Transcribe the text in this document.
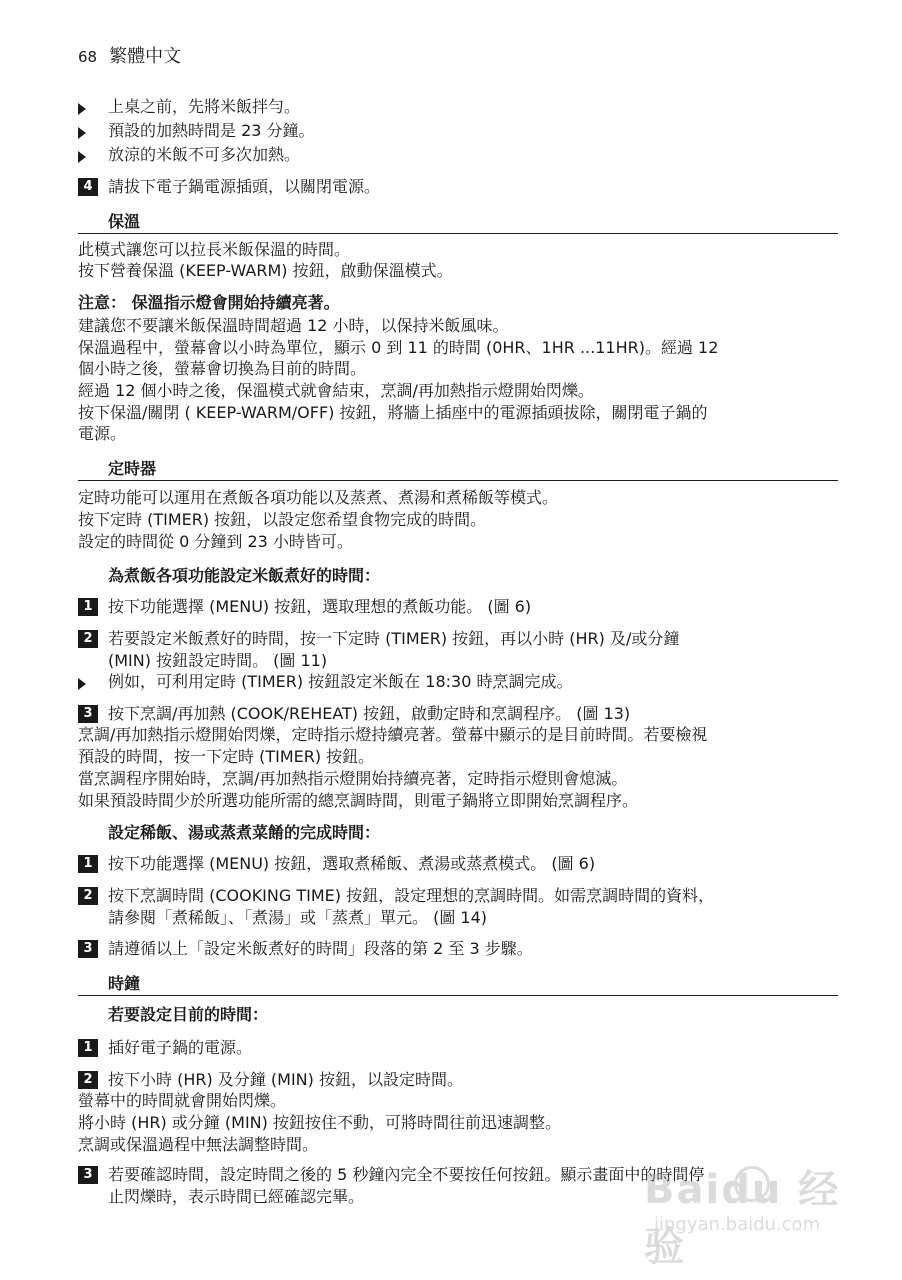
68 繁體中文
上桌之前，先將米飯拌勻。
預設的加熱時間是 23 分鐘。
放涼的米飯不可多次加熱。
4 請拔下電子鍋電源插頭，以關閉電源。
保溫
此模式讓您可以拉長米飯保溫的時間。
按下營養保溫 (KEEP-WARM) 按鈕，啟動保溫模式。
注意： 保溫指示燈會開始持續亮著。
建議您不要讓米飯保溫時間超過 12 小時，以保持米飯風味。
保溫過程中，螢幕會以小時為單位，顯示 0 到 11 的時間 (0HR、1HR ...11HR)。經過 12
個小時之後，螢幕會切換為目前的時間。
經過 12 個小時之後，保溫模式就會結束，烹調/再加熱指示燈開始閃爍。
按下保溫/關閉 ( KEEP-WARM/OFF) 按鈕，將牆上插座中的電源插頭拔除，關閉電子鍋的
電源。
定時器
定時功能可以運用在煮飯各項功能以及蒸煮、煮湯和煮稀飯等模式。
按下定時 (TIMER) 按鈕，以設定您希望食物完成的時間。
設定的時間從 0 分鐘到 23 小時皆可。
為煮飯各項功能設定米飯煮好的時間：
1 按下功能選擇 (MENU) 按鈕，選取理想的煮飯功能。 (圖 6)
2 若要設定米飯煮好的時間，按一下定時 (TIMER) 按鈕，再以小時 (HR) 及/或分鐘
(MIN) 按鈕設定時間。 (圖 11)
例如，可利用定時 (TIMER) 按鈕設定米飯在 18:30 時烹調完成。
3 按下烹調/再加熱 (COOK/REHEAT) 按鈕，啟動定時和烹調程序。 (圖 13)
烹調/再加熱指示燈開始閃爍，定時指示燈持續亮著。螢幕中顯示的是目前時間。若要檢視
預設的時間，按一下定時 (TIMER) 按鈕。
當烹調程序開始時，烹調/再加熱指示燈開始持續亮著，定時指示燈則會熄滅。
如果預設時間少於所選功能所需的總烹調時間，則電子鍋將立即開始烹調程序。
設定稀飯、湯或蒸煮菜餚的完成時間：
1 按下功能選擇 (MENU) 按鈕，選取煮稀飯、煮湯或蒸煮模式。 (圖 6)
2 按下烹調時間 (COOKING TIME) 按鈕，設定理想的烹調時間。如需烹調時間的資料，
請參閱「煮稀飯」、「煮湯」或「蒸煮」單元。 (圖 14)
3 請遵循以上「設定米飯煮好的時間」段落的第 2 至 3 步驟。
時鐘
若要設定目前的時間：
1 插好電子鍋的電源。
2 按下小時 (HR) 及分鐘 (MIN) 按鈕，以設定時間。
螢幕中的時間就會開始閃爍。
將小時 (HR) 或分鐘 (MIN) 按鈕按住不動，可將時間往前迅速調整。
烹調或保溫過程中無法調整時間。
3 若要確認時間，設定時間之後的 5 秒鐘內完全不要按任何按鈕。顯示畫面中的時間停
止閃爍時，表示時間已經確認完畢。	Baidu 经验
jingyan.baidu.com
